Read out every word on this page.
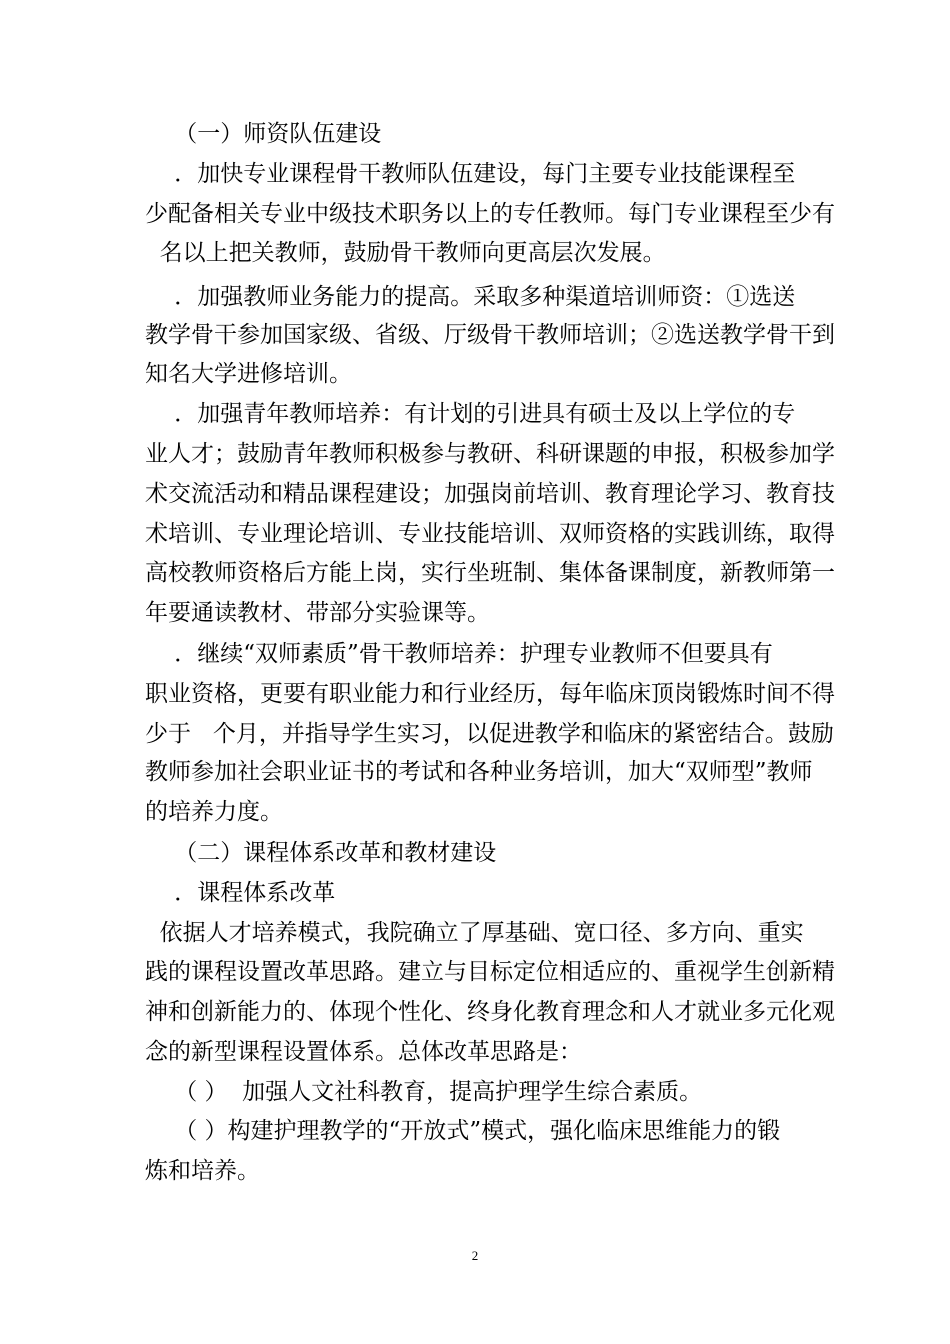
（一）师资队伍建设

．加快专业课程骨干教师队伍建设，每门主要专业技能课程至

少配备相关专业中级技术职务以上的专任教师。每门专业课程至少有

名以上把关教师，鼓励骨干教师向更高层次发展。

．加强教师业务能力的提高。采取多种渠道培训师资：①选送

教学骨干参加国家级、省级、厅级骨干教师培训；②选送教学骨干到

知名大学进修培训。

．加强青年教师培养：有计划的引进具有硕士及以上学位的专

业人才；鼓励青年教师积极参与教研、科研课题的申报，积极参加学

术交流活动和精品课程建设；加强岗前培训、教育理论学习、教育技

术培训、专业理论培训、专业技能培训、双师资格的实践训练，取得

高校教师资格后方能上岗，实行坐班制、集体备课制度，新教师第一

年要通读教材、带部分实验课等。

．继续“双师素质”骨干教师培养：护理专业教师不但要具有

职业资格，更要有职业能力和行业经历，每年临床顶岗锻炼时间不得

少于   个月，并指导学生实习，以促进教学和临床的紧密结合。鼓励

教师参加社会职业证书的考试和各种业务培训，加大“双师型”教师

的培养力度。

（二）课程体系改革和教材建设

．课程体系改革

依据人才培养模式，我院确立了厚基础、宽口径、多方向、重实

践的课程设置改革思路。建立与目标定位相适应的、重视学生创新精

神和创新能力的、体现个性化、终身化教育理念和人才就业多元化观

念的新型课程设置体系。总体改革思路是：

（ ）  加强人文社科教育，提高护理学生综合素质。

（ ）构建护理教学的“开放式”模式，强化临床思维能力的锻

炼和培养。

2
